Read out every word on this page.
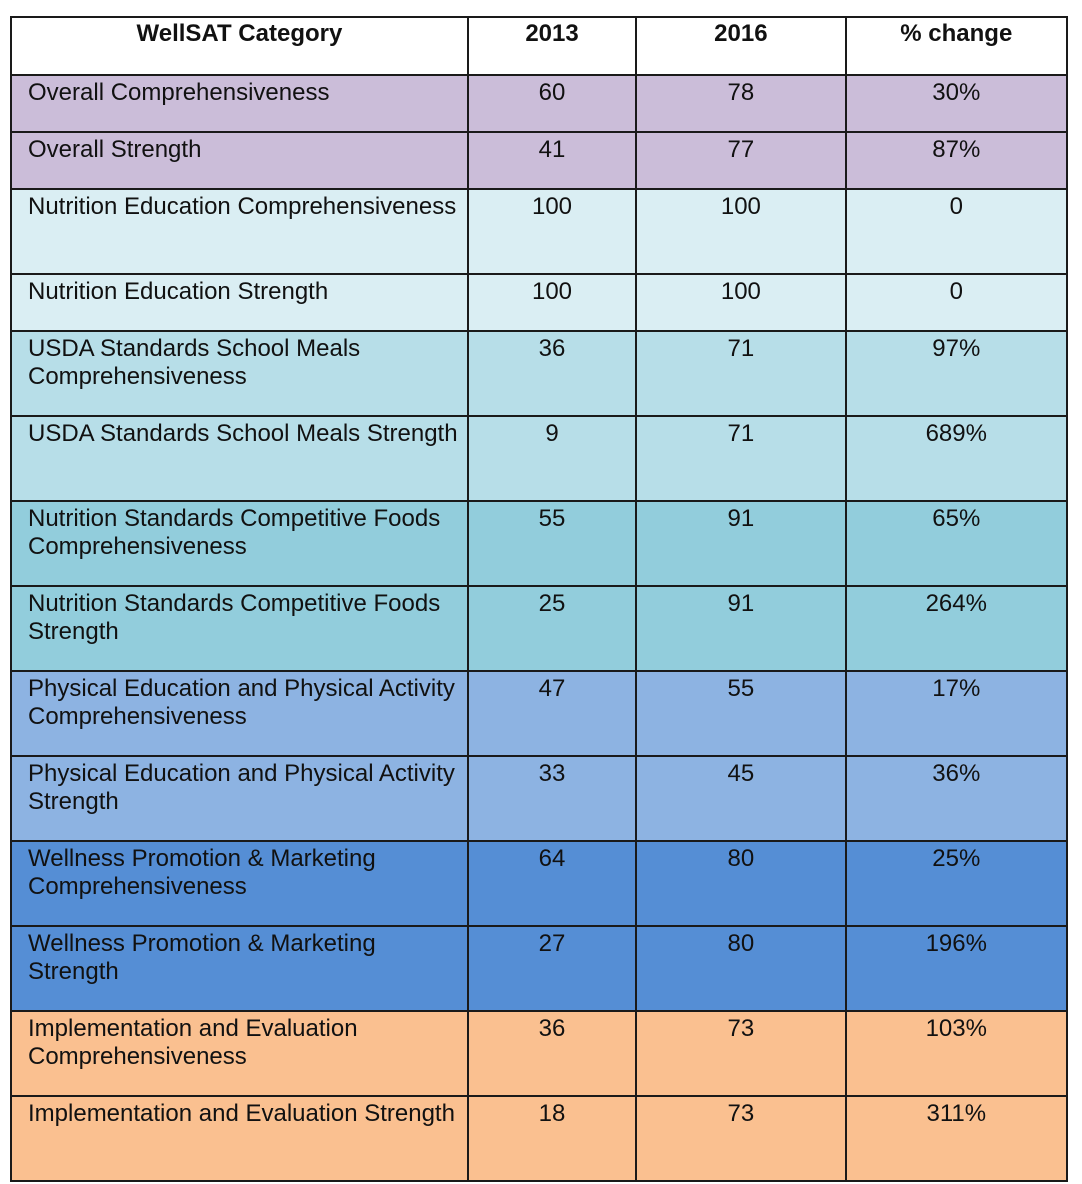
WellSAT Category	2013	2016	% change
Overall Comprehensiveness	60	78	30%
Overall Strength	41	77	87%
Nutrition Education Comprehensiveness	100	100	0
Nutrition Education Strength	100	100	0
USDA Standards School Meals Comprehensiveness	36	71	97%
USDA Standards School Meals Strength	9	71	689%
Nutrition Standards Competitive Foods Comprehensiveness	55	91	65%
Nutrition Standards Competitive Foods Strength	25	91	264%
Physical Education and Physical Activity Comprehensiveness	47	55	17%
Physical Education and Physical Activity Strength	33	45	36%
Wellness Promotion & Marketing Comprehensiveness	64	80	25%
Wellness Promotion & Marketing Strength	27	80	196%
Implementation and Evaluation Comprehensiveness	36	73	103%
Implementation and Evaluation Strength	18	73	311%
